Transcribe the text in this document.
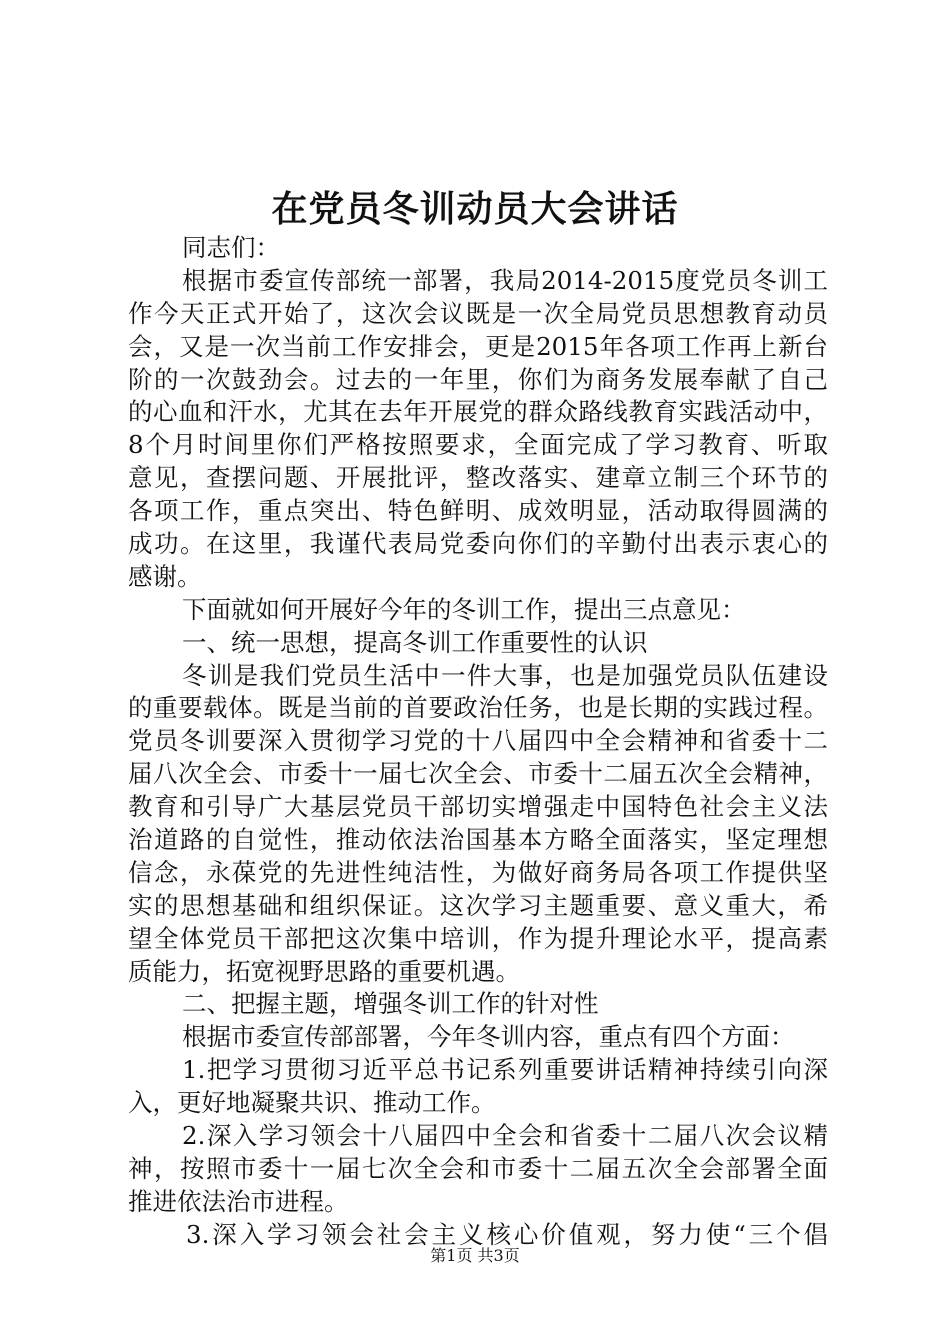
在党员冬训动员大会讲话
同志们：
根据市委宣传部统一部署，我局2014-2015度党员冬训工
作今天正式开始了，这次会议既是一次全局党员思想教育动员
会，又是一次当前工作安排会，更是2015年各项工作再上新台
阶的一次鼓劲会。过去的一年里，你们为商务发展奉献了自己
的心血和汗水，尤其在去年开展党的群众路线教育实践活动中，
8个月时间里你们严格按照要求，全面完成了学习教育、听取
意见，查摆问题、开展批评，整改落实、建章立制三个环节的
各项工作，重点突出、特色鲜明、成效明显，活动取得圆满的
成功。在这里，我谨代表局党委向你们的辛勤付出表示衷心的
感谢。
下面就如何开展好今年的冬训工作，提出三点意见：
一、统一思想，提高冬训工作重要性的认识
冬训是我们党员生活中一件大事，也是加强党员队伍建设
的重要载体。既是当前的首要政治任务，也是长期的实践过程。
党员冬训要深入贯彻学习党的十八届四中全会精神和省委十二
届八次全会、市委十一届七次全会、市委十二届五次全会精神，
教育和引导广大基层党员干部切实增强走中国特色社会主义法
治道路的自觉性，推动依法治国基本方略全面落实，坚定理想
信念，永葆党的先进性纯洁性，为做好商务局各项工作提供坚
实的思想基础和组织保证。这次学习主题重要、意义重大，希
望全体党员干部把这次集中培训，作为提升理论水平，提高素
质能力，拓宽视野思路的重要机遇。
二、把握主题，增强冬训工作的针对性
根据市委宣传部部署，今年冬训内容，重点有四个方面：
1.把学习贯彻习近平总书记系列重要讲话精神持续引向深
入，更好地凝聚共识、推动工作。
2.深入学习领会十八届四中全会和省委十二届八次会议精
神，按照市委十一届七次全会和市委十二届五次全会部署全面
推进依法治市进程。
3.深入学习领会社会主义核心价值观，努力使“三个倡
第1页 共3页
